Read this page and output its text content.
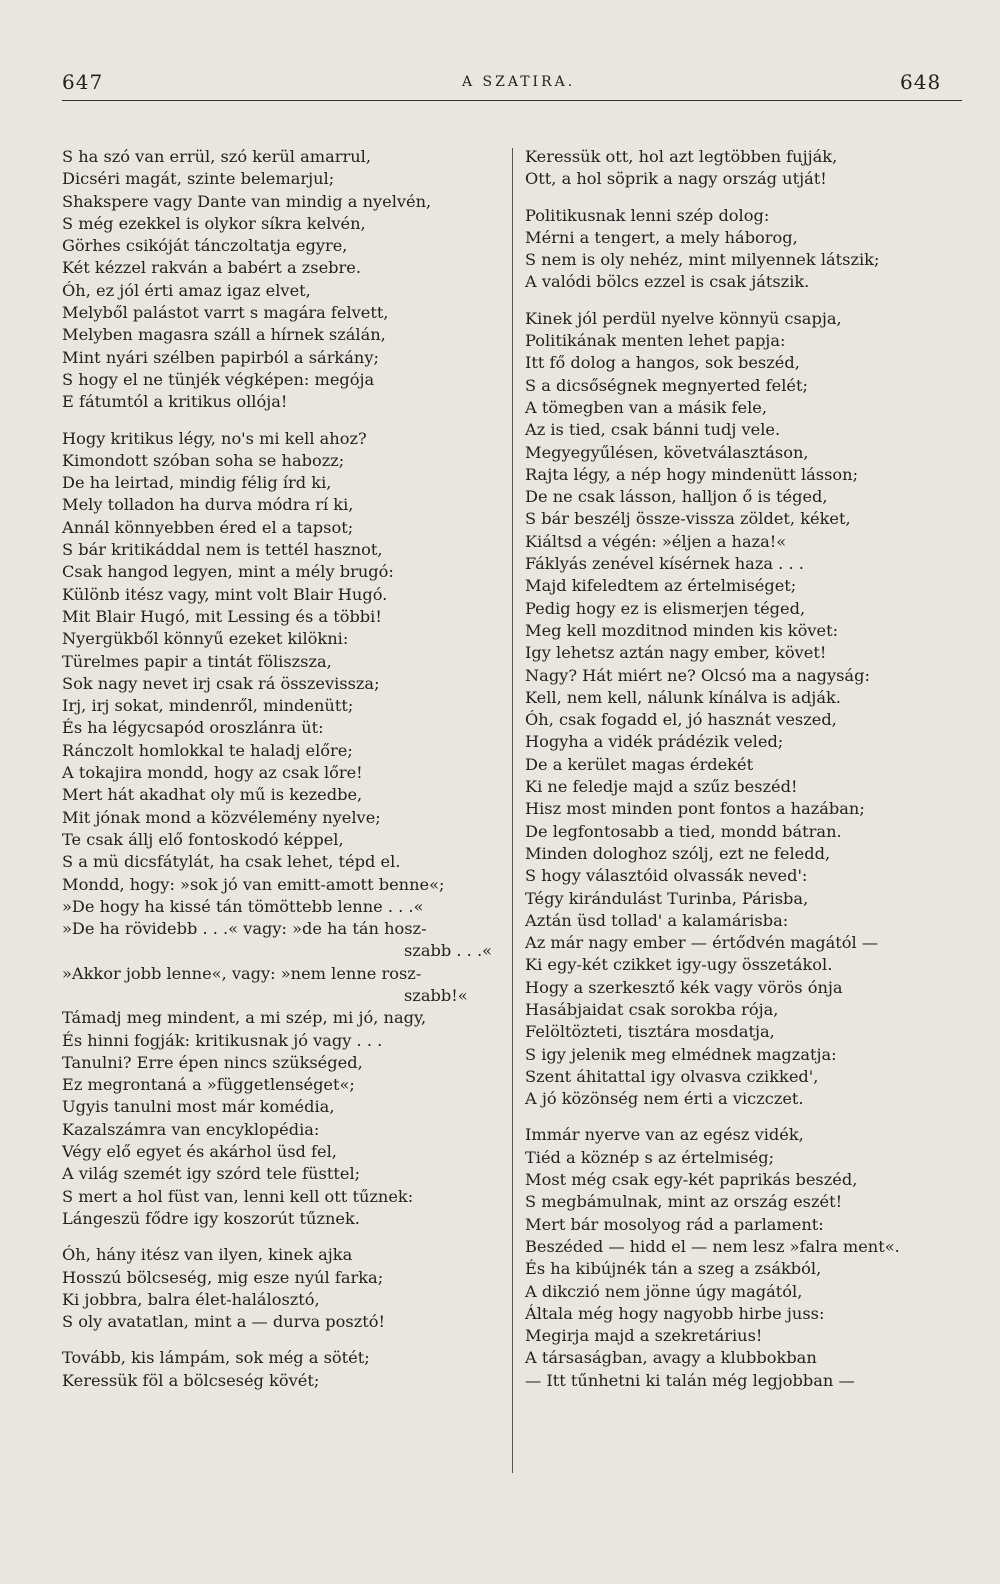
647	A SZATIRA.	648
S ha szó van errül, szó kerül amarrul,
Dicséri magát, szinte belemarjul;
Shakspere vagy Dante van mindig a nyelvén,
S még ezekkel is olykor síkra kelvén,
Görhes csikóját tánczoltatja egyre,
Két kézzel rakván a babért a zsebre.
Óh, ez jól érti amaz igaz elvet,
Melyből palástot varrt s magára felvett,
Melyben magasra száll a hírnek szálán,
Mint nyári szélben papirból a sárkány;
S hogy el ne tünjék végképen: megója
E fátumtól a kritikus ollója!
Hogy kritikus légy, no's mi kell ahoz?
Kimondott szóban soha se habozz;
De ha leirtad, mindig félig írd ki,
Mely tolladon ha durva módra rí ki,
Annál könnyebben éred el a tapsot;
S bár kritikáddal nem is tettél hasznot,
Csak hangod legyen, mint a mély brugó:
Különb itész vagy, mint volt Blair Hugó.
Mit Blair Hugó, mit Lessing és a többi!
Nyergükből könnyű ezeket kilökni:
Türelmes papir a tintát föliszsza,
Sok nagy nevet irj csak rá összevissza;
Irj, irj sokat, mindenről, mindenütt;
És ha légycsapód oroszlánra üt:
Ránczolt homlokkal te haladj előre;
A tokajira mondd, hogy az csak lőre!
Mert hát akadhat oly mű is kezedbe,
Mit jónak mond a közvélemény nyelve;
Te csak állj elő fontoskodó képpel,
S a mü dicsfátylát, ha csak lehet, tépd el.
Mondd, hogy: »sok jó van emitt-amott benne«;
»De hogy ha kissé tán tömöttebb lenne . . .«
»De ha rövidebb . . .« vagy: »de ha tán hosz-
szabb . . .«
»Akkor jobb lenne«, vagy: »nem lenne rosz-
szabb!«
Támadj meg mindent, a mi szép, mi jó, nagy,
És hinni fogják: kritikusnak jó vagy . . .
Tanulni? Erre épen nincs szükséged,
Ez megrontaná a »függetlenséget«;
Ugyis tanulni most már komédia,
Kazalszámra van encyklopédia:
Végy elő egyet és akárhol üsd fel,
A világ szemét igy szórd tele füsttel;
S mert a hol füst van, lenni kell ott tűznek:
Lángeszü fődre igy koszorút tűznek.
Óh, hány itész van ilyen, kinek ajka
Hosszú bölcseség, mig esze nyúl farka;
Ki jobbra, balra élet-halálosztó,
S oly avatatlan, mint a — durva posztó!
Tovább, kis lámpám, sok még a sötét;
Keressük föl a bölcseség kövét;
Keressük ott, hol azt legtöbben fujják,
Ott, a hol söprik a nagy ország utját!
Politikusnak lenni szép dolog:
Mérni a tengert, a mely háborog,
S nem is oly nehéz, mint milyennek látszik;
A valódi bölcs ezzel is csak játszik.
Kinek jól perdül nyelve könnyü csapja,
Politikának menten lehet papja:
Itt fő dolog a hangos, sok beszéd,
S a dicsőségnek megnyerted felét;
A tömegben van a másik fele,
Az is tied, csak bánni tudj vele.
Megyegyűlésen, követválasztáson,
Rajta légy, a nép hogy mindenütt lásson;
De ne csak lásson, halljon ő is téged,
S bár beszélj össze-vissza zöldet, kéket,
Kiáltsd a végén: »éljen a haza!«
Fáklyás zenével kísérnek haza . . .
Majd kifeledtem az értelmiséget;
Pedig hogy ez is elismerjen téged,
Meg kell mozditnod minden kis követ:
Igy lehetsz aztán nagy ember, követ!
Nagy? Hát miért ne? Olcsó ma a nagyság:
Kell, nem kell, nálunk kínálva is adják.
Óh, csak fogadd el, jó hasznát veszed,
Hogyha a vidék prádézik veled;
De a kerület magas érdekét
Ki ne feledje majd a szűz beszéd!
Hisz most minden pont fontos a hazában;
De legfontosabb a tied, mondd bátran.
Minden dologhoz szólj, ezt ne feledd,
S hogy választóid olvassák neved':
Tégy kirándulást Turinba, Párisba,
Aztán üsd tollad' a kalamárisba:
Az már nagy ember — értődvén magától —
Ki egy-két czikket igy-ugy összetákol.
Hogy a szerkesztő kék vagy vörös ónja
Hasábjaidat csak sorokba rója,
Felöltözteti, tisztára mosdatja,
S igy jelenik meg elmédnek magzatja:
Szent áhitattal igy olvasva czikked',
A jó közönség nem érti a viczczet.
Immár nyerve van az egész vidék,
Tiéd a köznép s az értelmiség;
Most még csak egy-két paprikás beszéd,
S megbámulnak, mint az ország eszét!
Mert bár mosolyog rád a parlament:
Beszéded — hidd el — nem lesz »falra ment«.
És ha kibújnék tán a szeg a zsákból,
A dikczió nem jönne úgy magától,
Általa még hogy nagyobb hirbe juss:
Megirja majd a szekretárius!
A társaságban, avagy a klubbokban
— Itt tűnhetni ki talán még legjobban —
